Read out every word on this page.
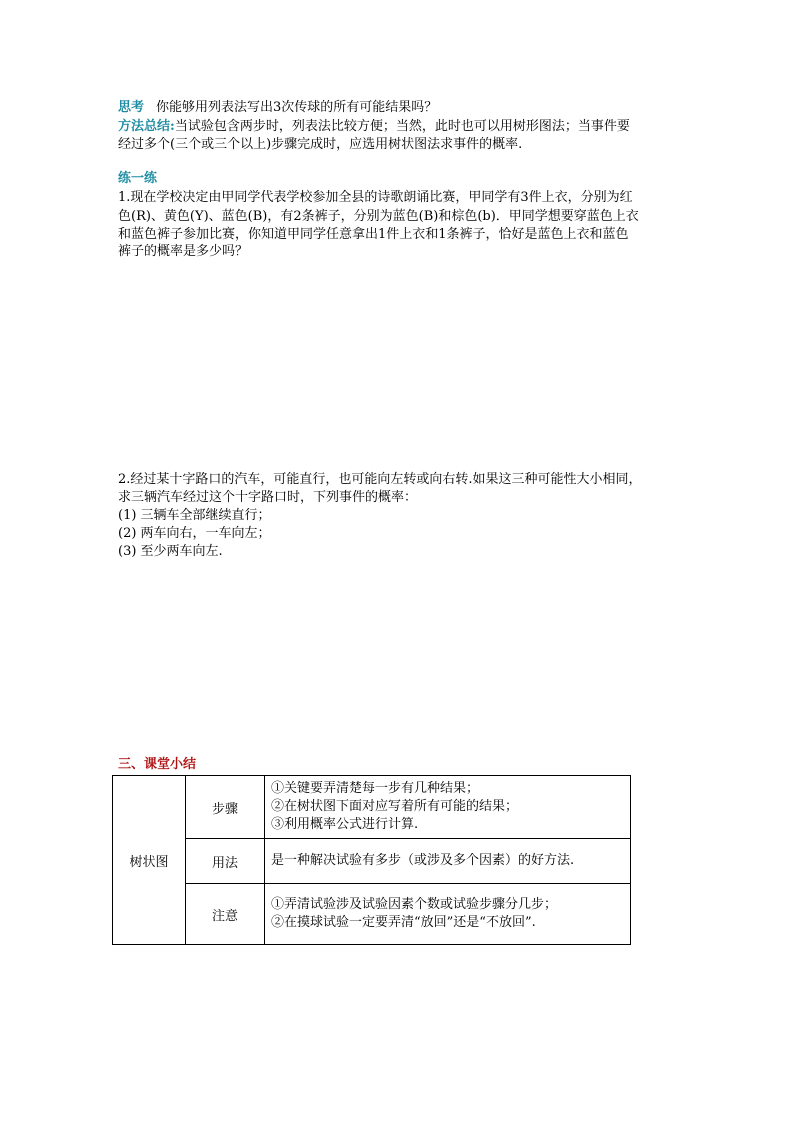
思考 你能够用列表法写出3次传球的所有可能结果吗？
方法总结:当试验包含两步时，列表法比较方便；当然，此时也可以用树形图法；当事件要
经过多个(三个或三个以上)步骤完成时，应选用树状图法求事件的概率.
练一练
1.现在学校决定由甲同学代表学校参加全县的诗歌朗诵比赛，甲同学有3件上衣，分别为红
色(R)、黄色(Y)、蓝色(B)，有2条裤子，分别为蓝色(B)和棕色(b)．甲同学想要穿蓝色上衣
和蓝色裤子参加比赛，你知道甲同学任意拿出1件上衣和1条裤子，恰好是蓝色上衣和蓝色
裤子的概率是多少吗？
2.经过某十字路口的汽车，可能直行，也可能向左转或向右转.如果这三种可能性大小相同，
求三辆汽车经过这个十字路口时，下列事件的概率：
(1) 三辆车全部继续直行；
(2) 两车向右，一车向左；
(3) 至少两车向左.
三、课堂小结
树状图	步骤	①关键要弄清楚每一步有几种结果；
②在树状图下面对应写着所有可能的结果；
③利用概率公式进行计算.

	用法	是一种解决试验有多步（或涉及多个因素）的好方法.

	注意	①弄清试验涉及试验因素个数或试验步骤分几步；
②在摸球试验一定要弄清“放回”还是“不放回”.
